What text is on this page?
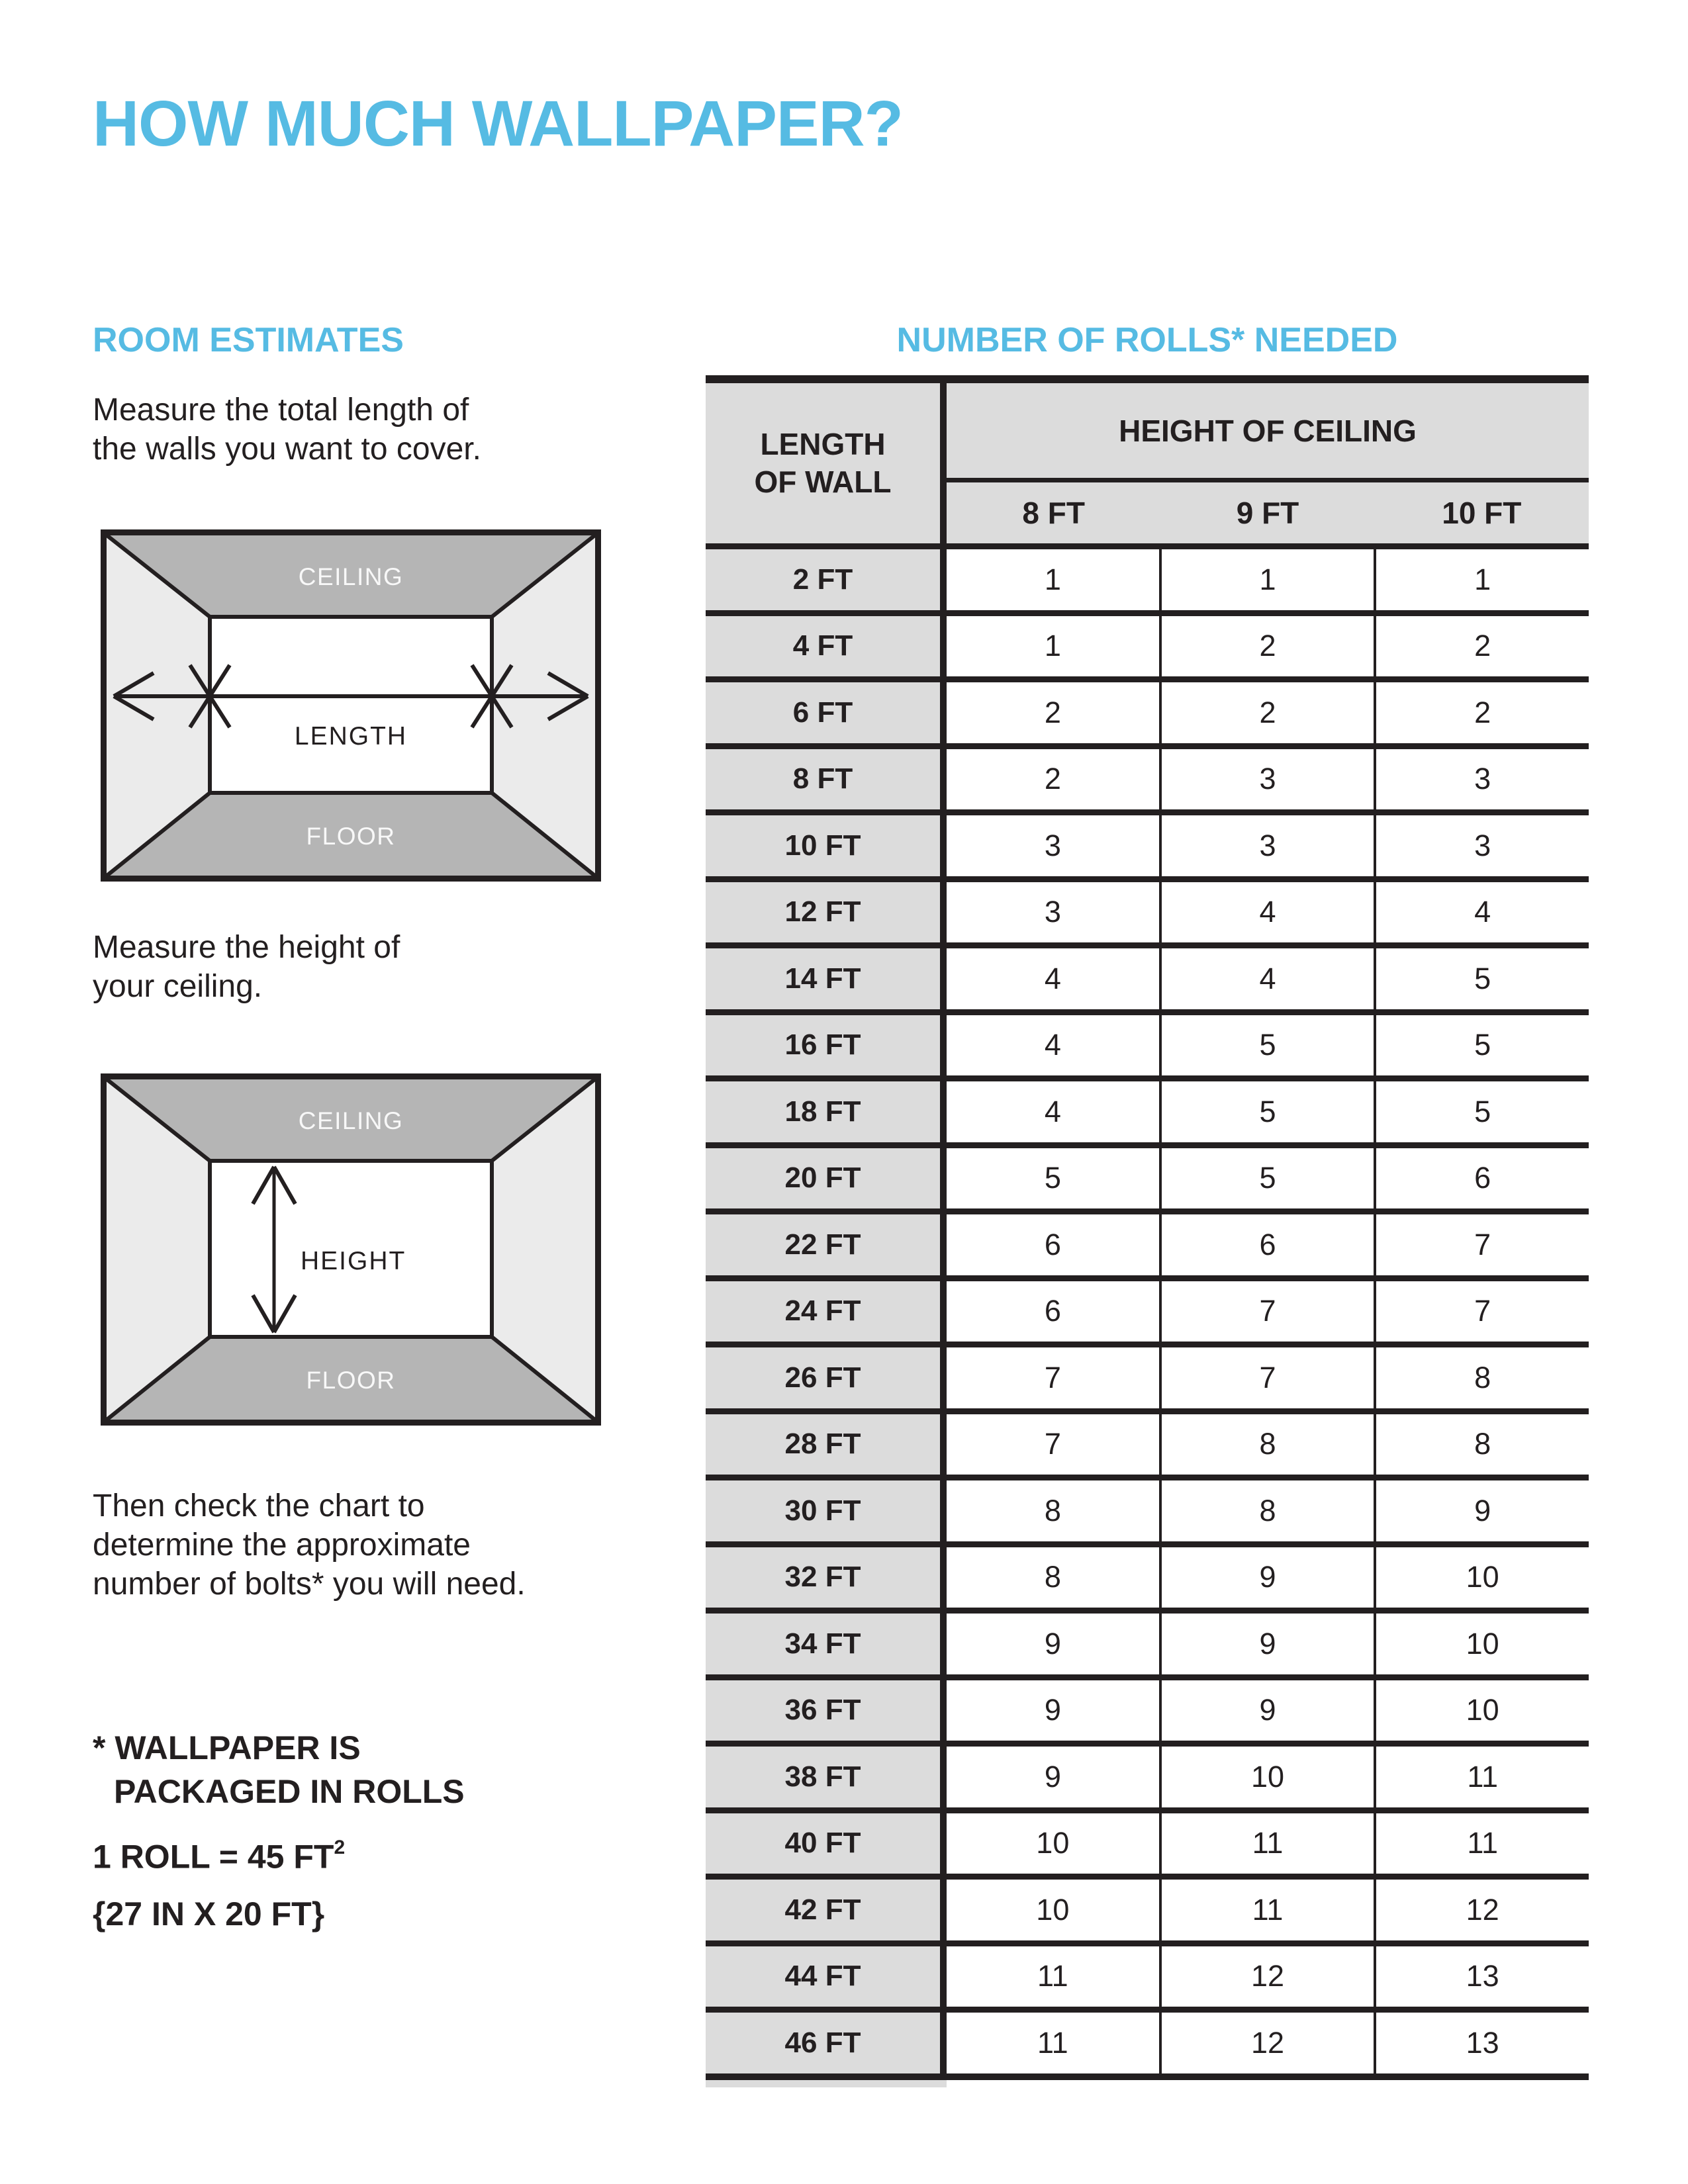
HOW MUCH WALLPAPER?
ROOM ESTIMATES

Measure the total length of
the walls you want to cover.

CEILING
FLOOR
LENGTH

Measure the height of
your ceiling.

CEILING
FLOOR
HEIGHT

Then check the chart to
determine the approximate
number of bolts* you will need.

* WALLPAPER IS
PACKAGED IN ROLLS
1 ROLL = 45 $FT^2$
{27 IN X 20 FT}
NUMBER OF ROLLS* NEEDED
LENGTH
OF WALL
HEIGHT OF CEILING
8 FT	9 FT	10 FT
2 FT	1	1	1
4 FT	1	2	2
6 FT	2	2	2
8 FT	2	3	3
10 FT	3	3	3
12 FT	3	4	4
14 FT	4	4	5
16 FT	4	5	5
18 FT	4	5	5
20 FT	5	5	6
22 FT	6	6	7
24 FT	6	7	7
26 FT	7	7	8
28 FT	7	8	8
30 FT	8	8	9
32 FT	8	9	10
34 FT	9	9	10
36 FT	9	9	10
38 FT	9	10	11
40 FT	10	11	11
42 FT	10	11	12
44 FT	11	12	13
46 FT	11	12	13
